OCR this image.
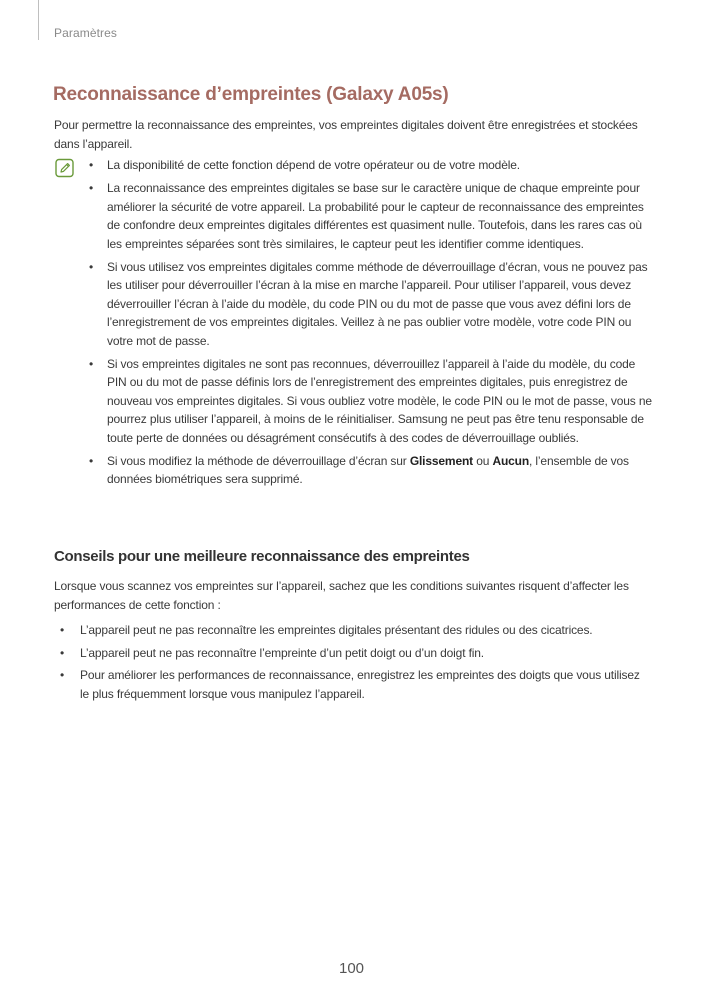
Paramètres
Reconnaissance d’empreintes (Galaxy A05s)

Pour permettre la reconnaissance des empreintes, vos empreintes digitales doivent être enregistrées et stockées dans l’appareil.

• La disponibilité de cette fonction dépend de votre opérateur ou de votre modèle.
• La reconnaissance des empreintes digitales se base sur le caractère unique de chaque empreinte pour améliorer la sécurité de votre appareil. La probabilité pour le capteur de reconnaissance des empreintes de confondre deux empreintes digitales différentes est quasiment nulle. Toutefois, dans les rares cas où les empreintes séparées sont très similaires, le capteur peut les identifier comme identiques.
• Si vous utilisez vos empreintes digitales comme méthode de déverrouillage d’écran, vous ne pouvez pas les utiliser pour déverrouiller l’écran à la mise en marche l’appareil. Pour utiliser l’appareil, vous devez déverrouiller l’écran à l’aide du modèle, du code PIN ou du mot de passe que vous avez défini lors de l’enregistrement de vos empreintes digitales. Veillez à ne pas oublier votre modèle, votre code PIN ou votre mot de passe.
• Si vos empreintes digitales ne sont pas reconnues, déverrouillez l’appareil à l’aide du modèle, du code PIN ou du mot de passe définis lors de l’enregistrement des empreintes digitales, puis enregistrez de nouveau vos empreintes digitales. Si vous oubliez votre modèle, le code PIN ou le mot de passe, vous ne pourrez plus utiliser l’appareil, à moins de le réinitialiser. Samsung ne peut pas être tenu responsable de toute perte de données ou désagrément consécutifs à des codes de déverrouillage oubliés.
• Si vous modifiez la méthode de déverrouillage d’écran sur Glissement ou Aucun, l’ensemble de vos données biométriques sera supprimé.
Conseils pour une meilleure reconnaissance des empreintes

Lorsque vous scannez vos empreintes sur l’appareil, sachez que les conditions suivantes risquent d’affecter les performances de cette fonction :

• L’appareil peut ne pas reconnaître les empreintes digitales présentant des ridules ou des cicatrices.
• L’appareil peut ne pas reconnaître l’empreinte d’un petit doigt ou d’un doigt fin.
• Pour améliorer les performances de reconnaissance, enregistrez les empreintes des doigts que vous utilisez le plus fréquemment lorsque vous manipulez l’appareil.
100
